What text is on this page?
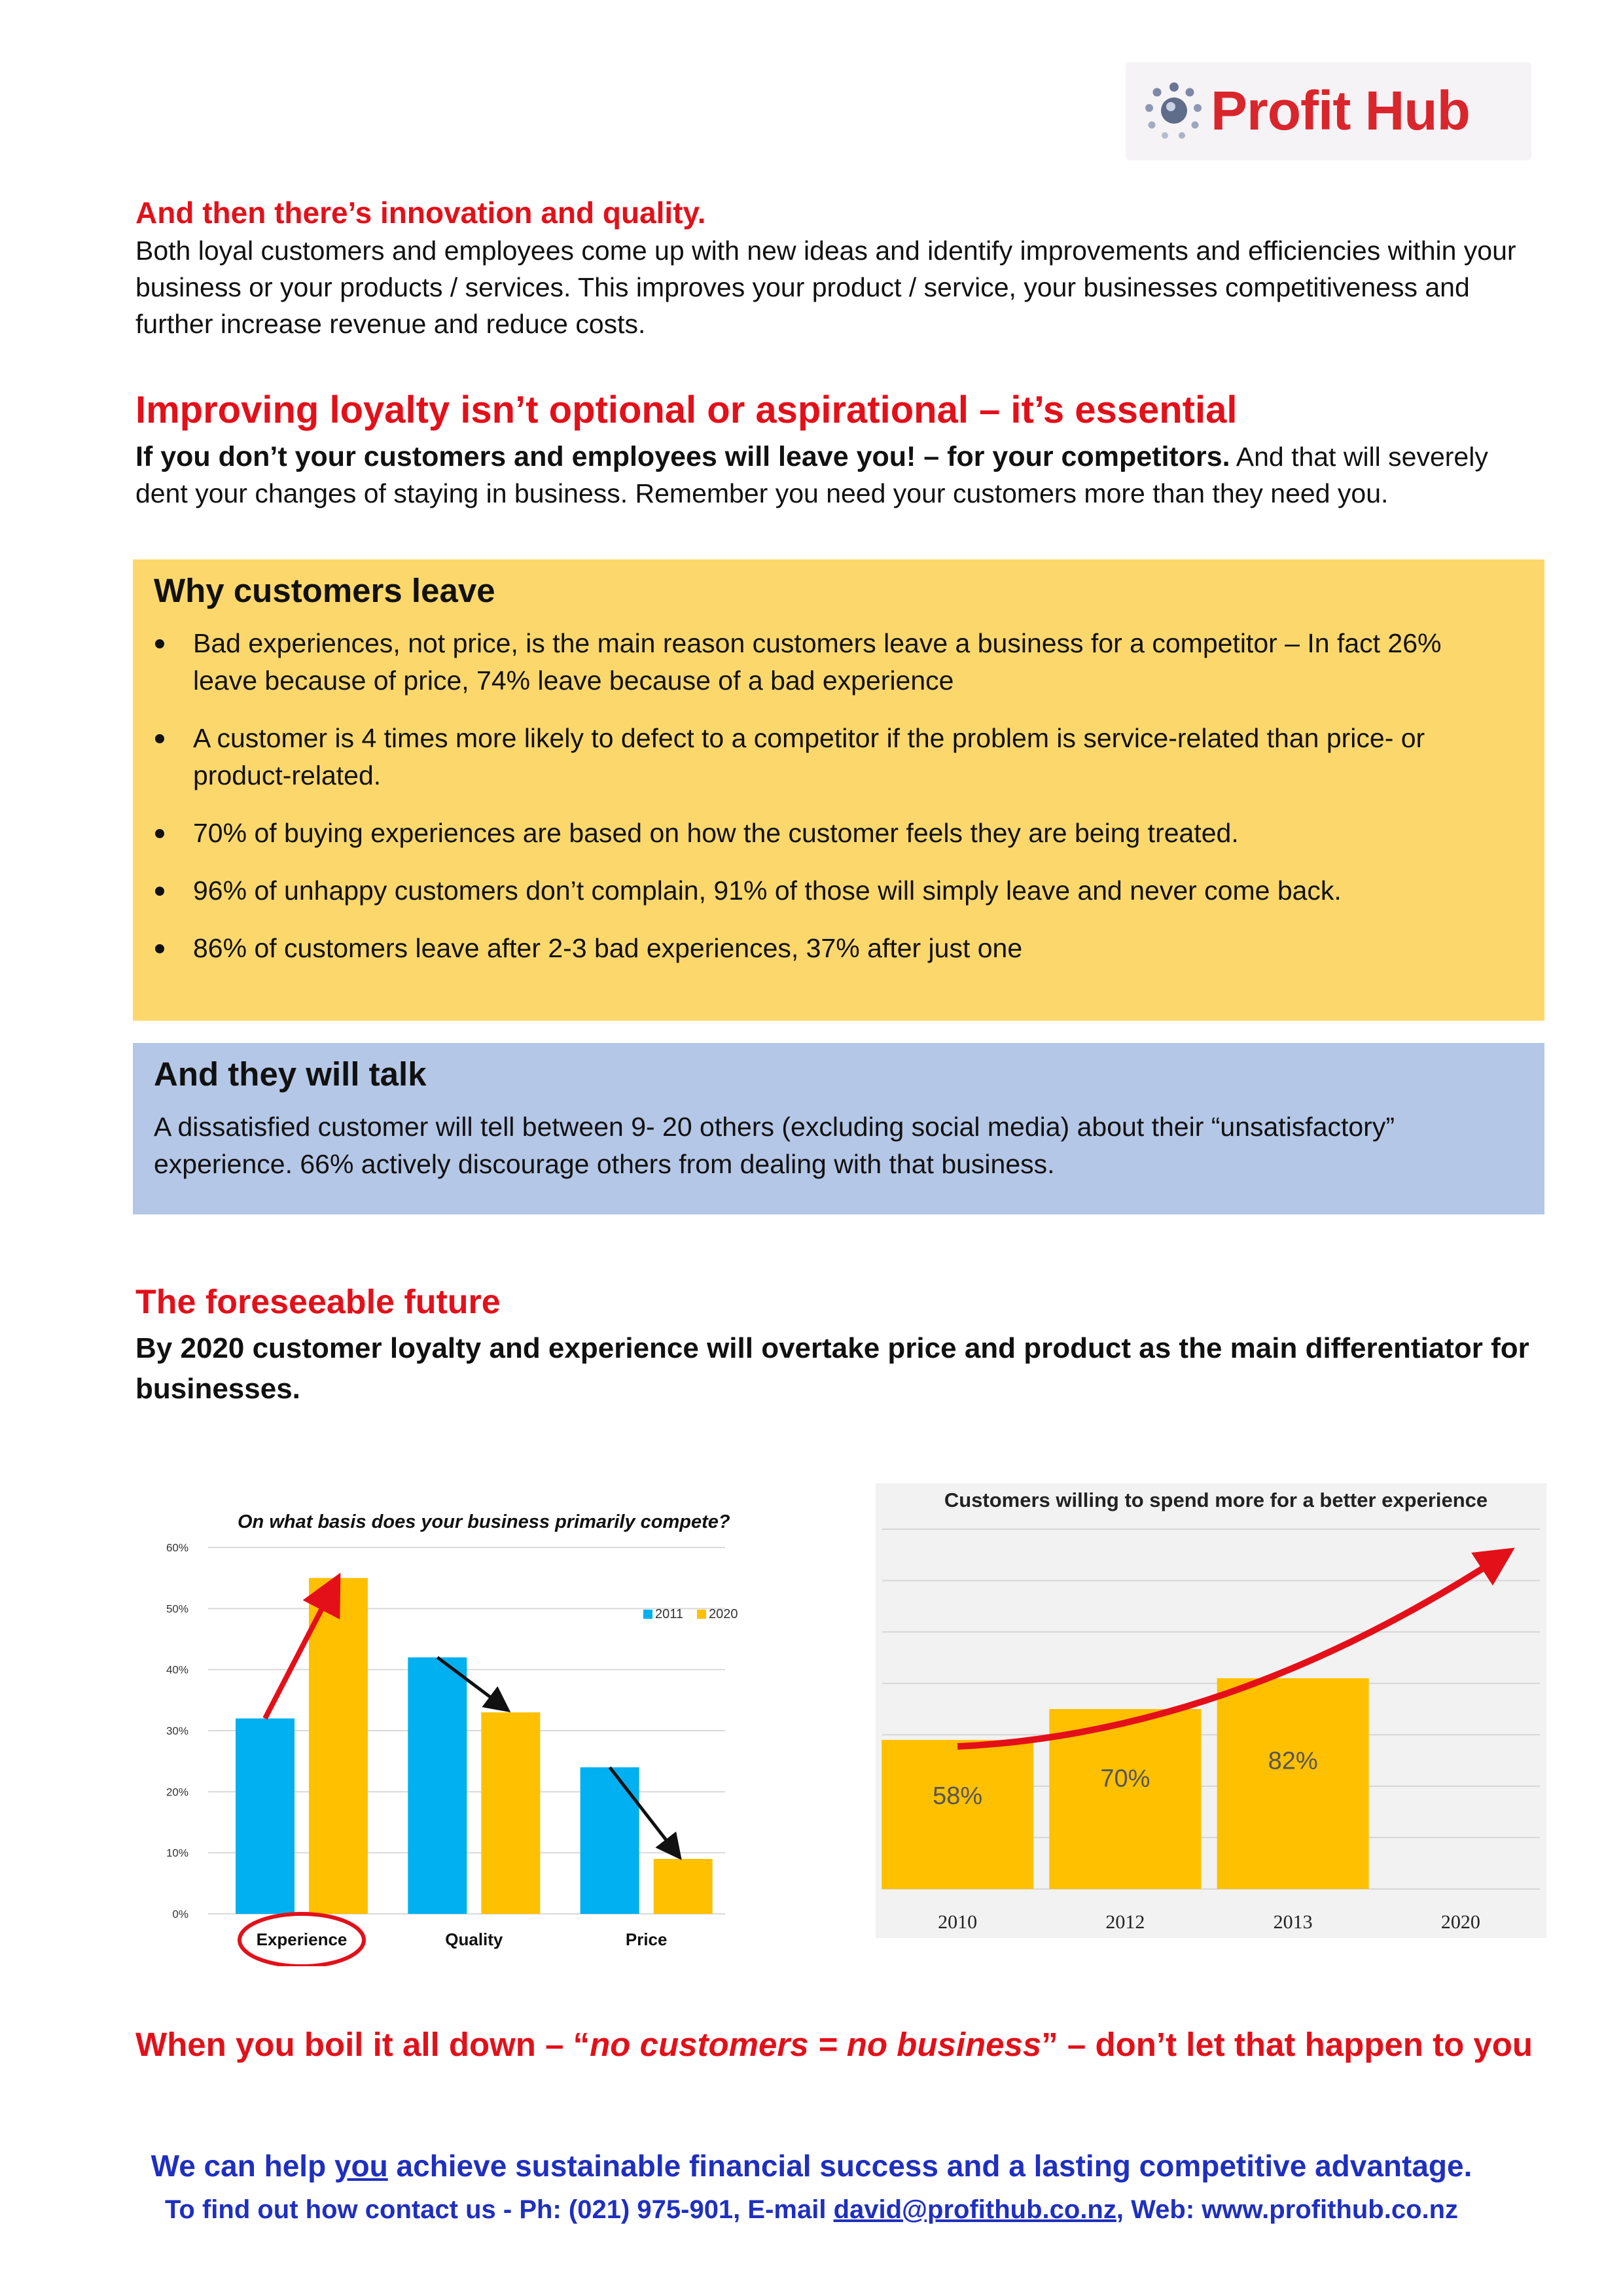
Profit Hub
And then there’s innovation and quality.
Both loyal customers and employees come up with new ideas and identify improvements and efficiencies within your business or your products / services. This improves your product / service, your businesses competitiveness and further increase revenue and reduce costs.
Improving loyalty isn’t optional or aspirational – it’s essential
If you don’t your customers and employees will leave you! – for your competitors. And that will severely dent your changes of staying in business. Remember you need your customers more than they need you.
Why customers leave
Bad experiences, not price, is the main reason customers leave a business for a competitor – In fact 26% leave because of price, 74% leave because of a bad experience
A customer is 4 times more likely to defect to a competitor if the problem is service-related than price- or product-related.
70% of buying experiences are based on how the customer feels they are being treated.
96% of unhappy customers don’t complain, 91% of those will simply leave and never come back.
86% of customers leave after 2-3 bad experiences, 37% after just one
And they will talk

A dissatisfied customer will tell between 9- 20 others (excluding social media) about their “unsatisfactory” experience. 66% actively discourage others from dealing with that business.

The foreseeable future
By 2020 customer loyalty and experience will overtake price and product as the main differentiator for businesses.
On what basis does your business primarily compete?
0%
10%
20%
30%
40%
50%
60%
Experience	Quality	Price
2011 2020
Customers willing to spend more for a better experience
58%
70%
82%
2010	2012	2013	2020
When you boil it all down – “no customers = no business” – don’t let that happen to you
We can help you achieve sustainable financial success and a lasting competitive advantage.
To find out how contact us - Ph: (021) 975-901, E-mail david@profithub.co.nz, Web: www.profithub.co.nz
